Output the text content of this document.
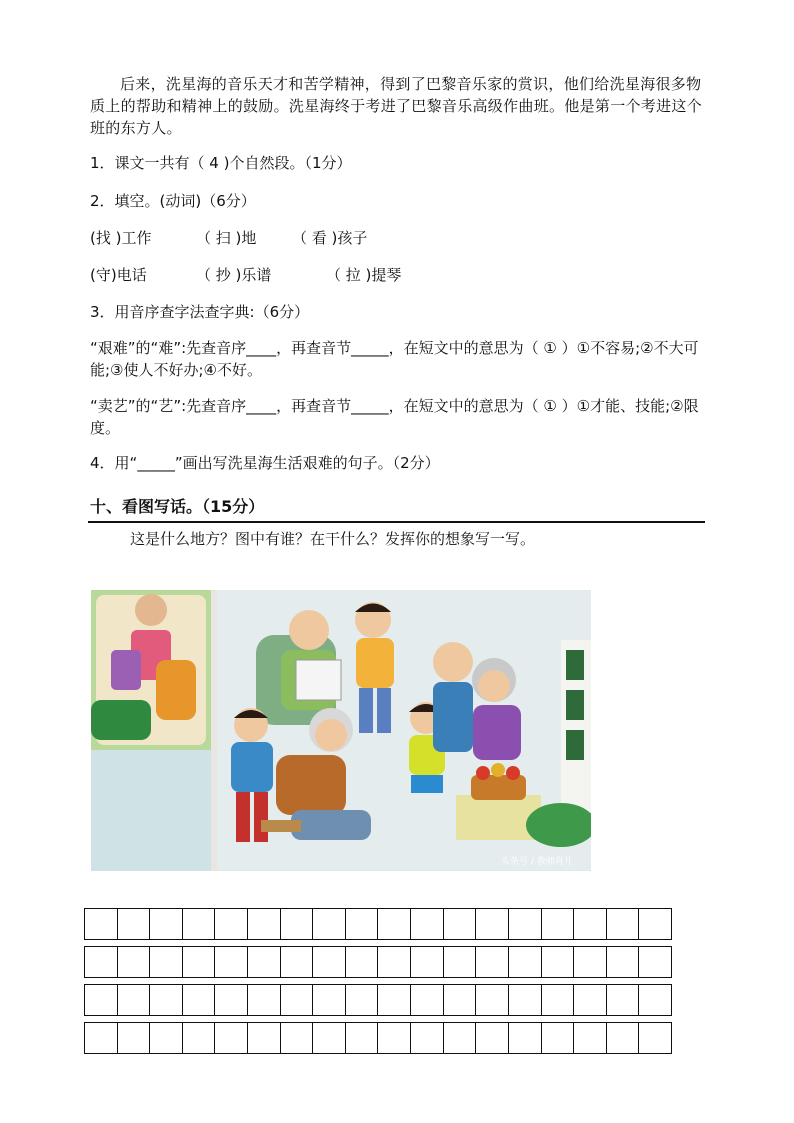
后来，洗星海的音乐天才和苦学精神，得到了巴黎音乐家的赏识，他们给洗星海很多物质上的帮助和精神上的鼓励。洗星海终于考进了巴黎音乐高级作曲班。他是第一个考进这个班的东方人。
1．课文一共有（ 4 )个自然段。（1分）
2．填空。(动词)（6分）
(找 )工作	（ 扫 )地 （ 看 )孩子
(守)电话	（ 抄 )乐谱	（ 拉 )提琴
3．用音序查字法查字典:（6分）
“艰难”的“难”:先查音序____，再查音节_____，在短文中的意思为（ ① ）①不容易;②不大可能;③使人不好办;④不好。
“卖艺”的“艺”:先查音序____，再查音节_____，在短文中的意思为（ ① ）①才能、技能;②限度。
4．用“_____”画出写洗星海生活艰难的句子。（2分）
十、看图写话。（15分）
这是什么地方？图中有谁？在干什么？发挥你的想象写一写。
头条号 / 教师育儿
